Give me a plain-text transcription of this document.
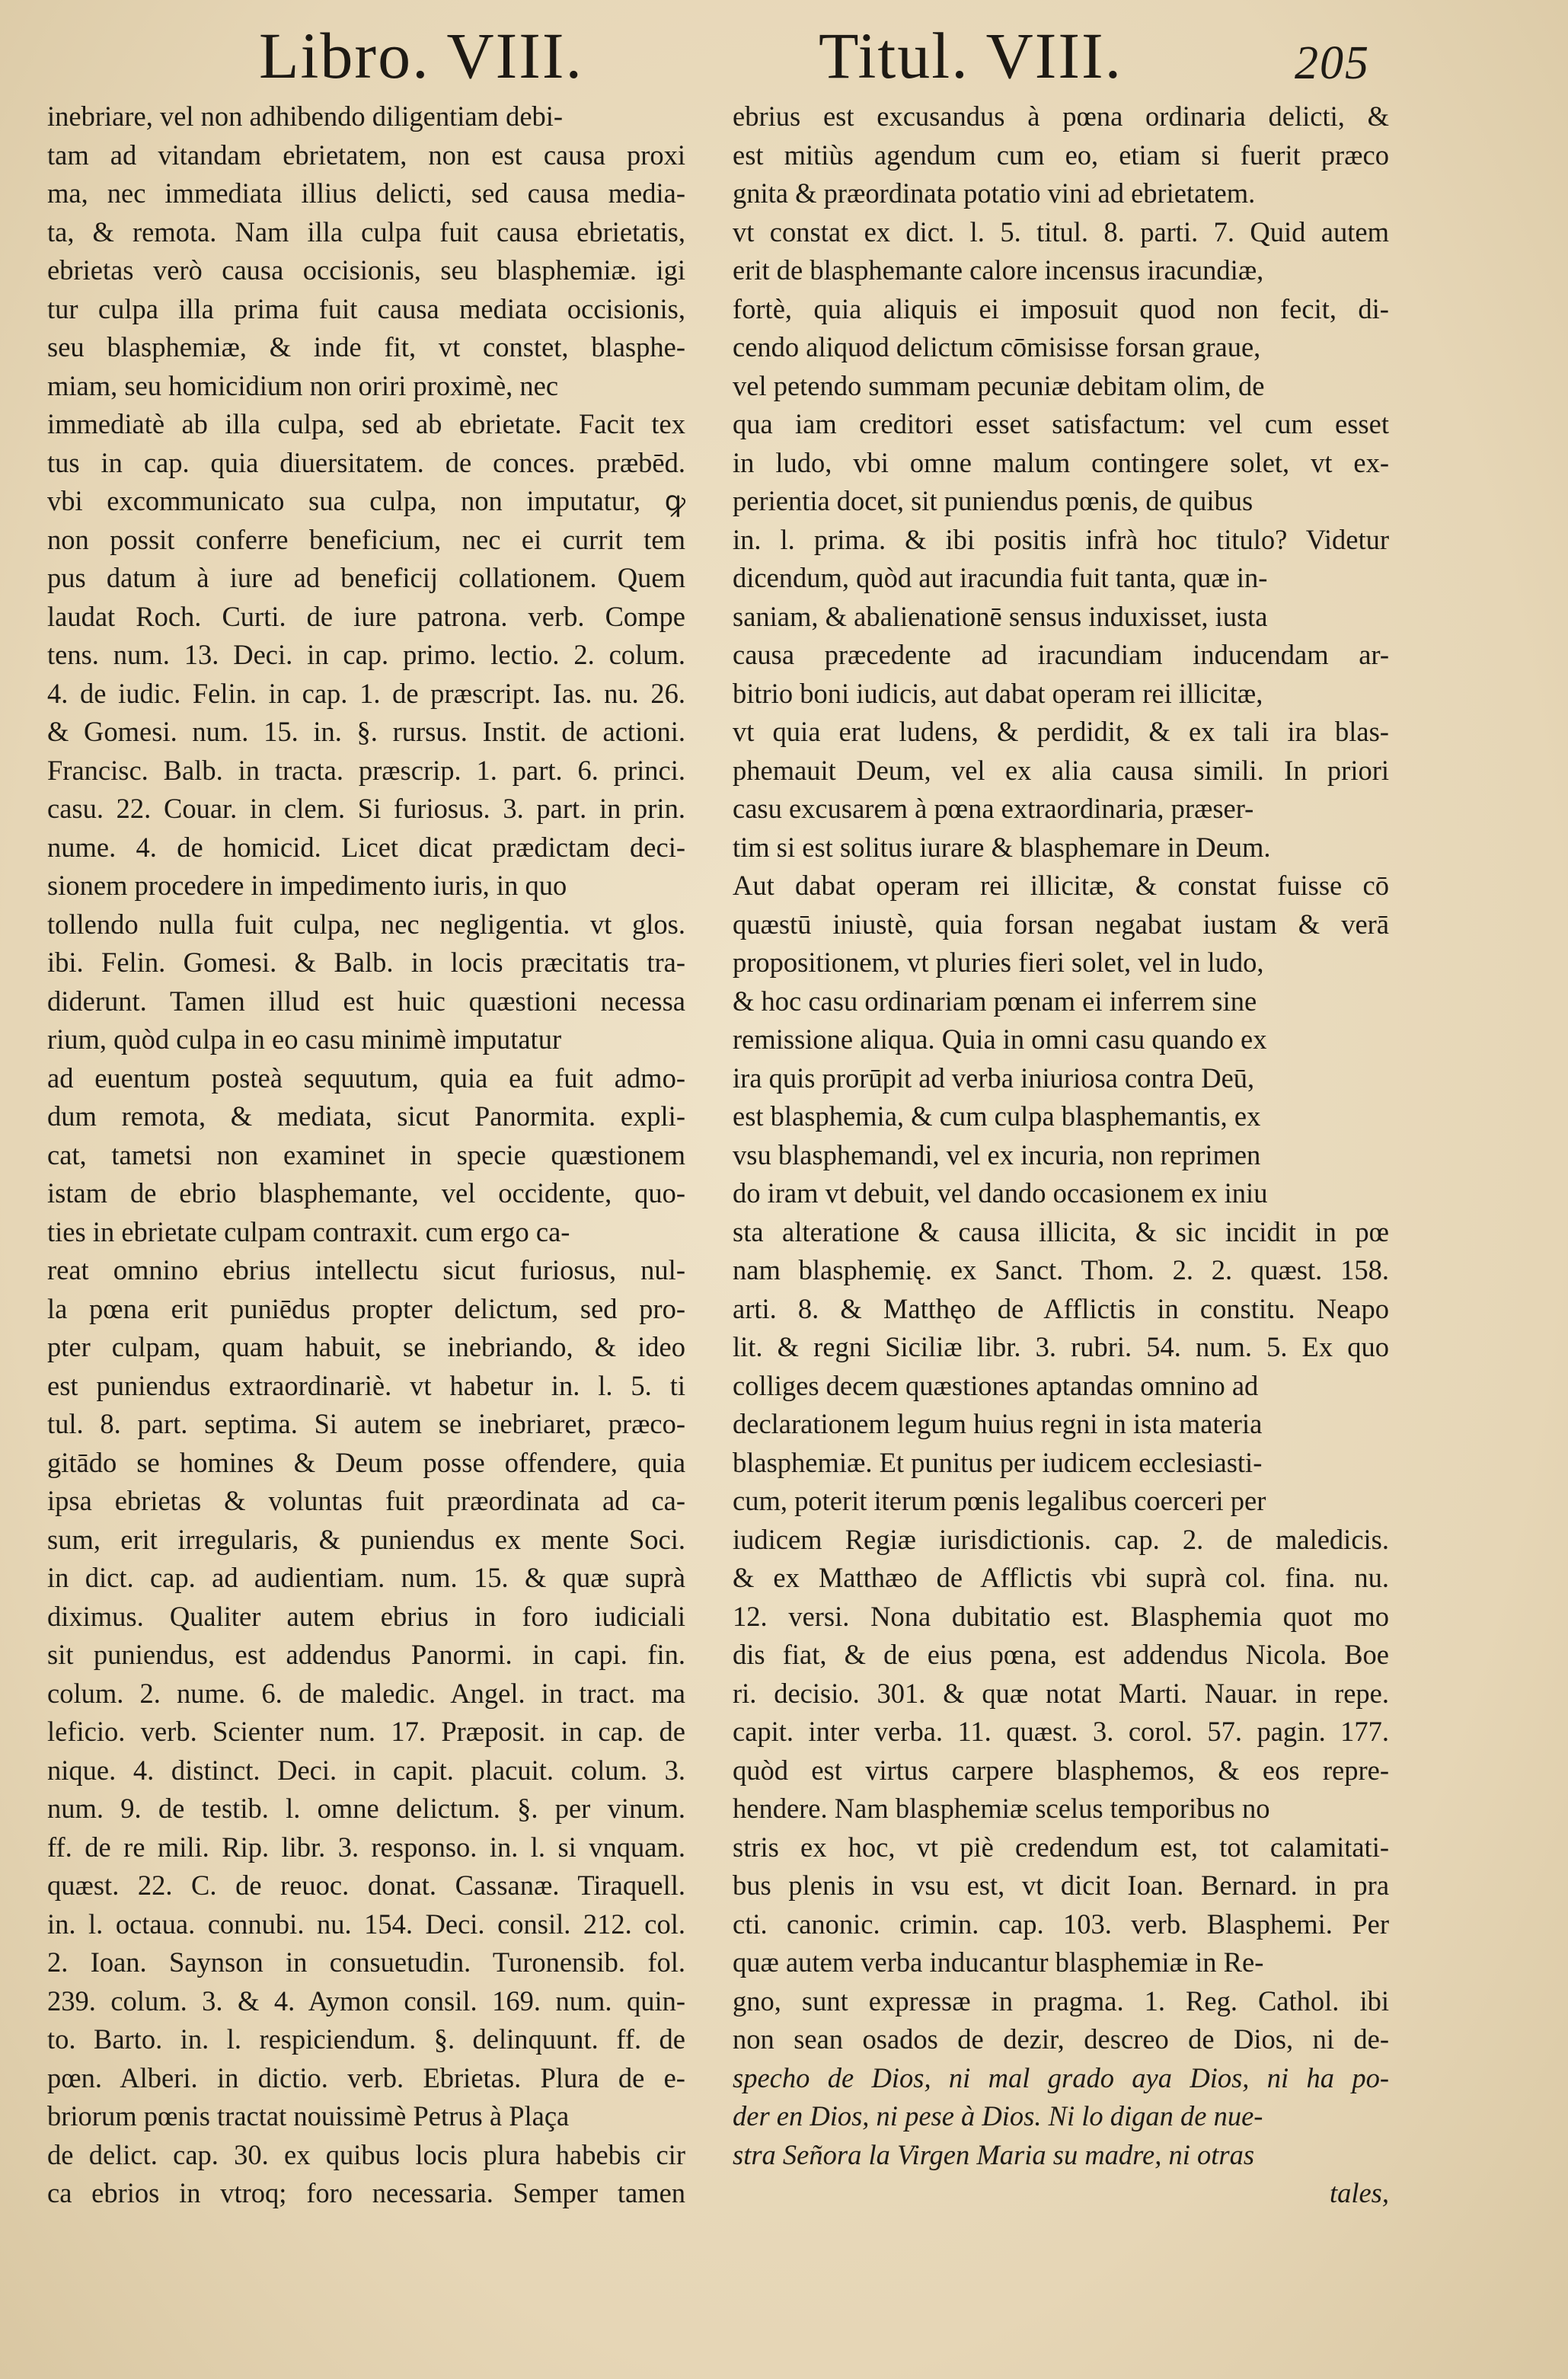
Libro. VIII.	Titul. VIII.	205
inebriare, vel non adhibendo diligentiam debi-
tam ad vitandam ebrietatem, non est causa proxi
ma, nec immediata illius delicti, sed causa media-
ta, & remota. Nam illa culpa fuit causa ebrietatis,
ebrietas verò causa occisionis, seu blasphemiæ. igi
tur culpa illa prima fuit causa mediata occisionis,
seu blasphemiæ, & inde fit, vt constet, blasphe-
miam, seu homicidium non oriri proximè, nec
immediatè ab illa culpa, sed ab ebrietate. Facit tex
tus in cap. quia diuersitatem. de conces. præbēd.
vbi excommunicato sua culpa, non imputatur, ꝙ
non possit conferre beneficium, nec ei currit tem
pus datum à iure ad beneficij collationem. Quem
laudat Roch. Curti. de iure patrona. verb. Compe
tens. num. 13. Deci. in cap. primo. lectio. 2. colum.
4. de iudic. Felin. in cap. 1. de præscript. Ias. nu. 26.
& Gomesi. num. 15. in. §. rursus. Instit. de actioni.
Francisc. Balb. in tracta. præscrip. 1. part. 6. princi.
casu. 22. Couar. in clem. Si furiosus. 3. part. in prin.
nume. 4. de homicid. Licet dicat prædictam deci-
sionem procedere in impedimento iuris, in quo
tollendo nulla fuit culpa, nec negligentia. vt glos.
ibi. Felin. Gomesi. & Balb. in locis præcitatis tra-
diderunt. Tamen illud est huic quæstioni necessa
rium, quòd culpa in eo casu minimè imputatur
ad euentum posteà sequutum, quia ea fuit admo-
dum remota, & mediata, sicut Panormita. expli-
cat, tametsi non examinet in specie quæstionem
istam de ebrio blasphemante, vel occidente, quo-
ties in ebrietate culpam contraxit. cum ergo ca-
reat omnino ebrius intellectu sicut furiosus, nul-
la pœna erit puniēdus propter delictum, sed pro-
pter culpam, quam habuit, se inebriando, & ideo
est puniendus extraordinariè. vt habetur in. l. 5. ti
tul. 8. part. septima. Si autem se inebriaret, præco-
gitādo se homines & Deum posse offendere, quia
ipsa ebrietas & voluntas fuit præordinata ad ca-
sum, erit irregularis, & puniendus ex mente Soci.
in dict. cap. ad audientiam. num. 15. & quæ suprà
diximus. Qualiter autem ebrius in foro iudiciali
sit puniendus, est addendus Panormi. in capi. fin.
colum. 2. nume. 6. de maledic. Angel. in tract. ma
leficio. verb. Scienter num. 17. Præposit. in cap. de
nique. 4. distinct. Deci. in capit. placuit. colum. 3.
num. 9. de testib. l. omne delictum. §. per vinum.
ff. de re mili. Rip. libr. 3. responso. in. l. si vnquam.
quæst. 22. C. de reuoc. donat. Cassanæ. Tiraquell.
in. l. octaua. connubi. nu. 154. Deci. consil. 212. col.
2. Ioan. Saynson in consuetudin. Turonensib. fol.
239. colum. 3. & 4. Aymon consil. 169. num. quin-
to. Barto. in. l. respiciendum. §. delinquunt. ff. de
pœn. Alberi. in dictio. verb. Ebrietas. Plura de e-
briorum pœnis tractat nouissimè Petrus à Plaça
de delict. cap. 30. ex quibus locis plura habebis cir
ca ebrios in vtroq; foro necessaria. Semper tamen
ebrius est excusandus à pœna ordinaria delicti, &
est mitiùs agendum cum eo, etiam si fuerit præco
gnita & præordinata potatio vini ad ebrietatem.
vt constat ex dict. l. 5. titul. 8. parti. 7. Quid autem
erit de blasphemante calore incensus iracundiæ,
fortè, quia aliquis ei imposuit quod non fecit, di-
cendo aliquod delictum cōmisisse forsan graue,
vel petendo summam pecuniæ debitam olim, de
qua iam creditori esset satisfactum: vel cum esset
in ludo, vbi omne malum contingere solet, vt ex-
perientia docet, sit puniendus pœnis, de quibus
in. l. prima. & ibi positis infrà hoc titulo? Videtur
dicendum, quòd aut iracundia fuit tanta, quæ in-
saniam, & abalienationē sensus induxisset, iusta
causa præcedente ad iracundiam inducendam ar-
bitrio boni iudicis, aut dabat operam rei illicitæ,
vt quia erat ludens, & perdidit, & ex tali ira blas-
phemauit Deum, vel ex alia causa simili. In priori
casu excusarem à pœna extraordinaria, præser-
tim si est solitus iurare & blasphemare in Deum.
Aut dabat operam rei illicitæ, & constat fuisse cō
quæstū iniustè, quia forsan negabat iustam & verā
propositionem, vt pluries fieri solet, vel in ludo,
& hoc casu ordinariam pœnam ei inferrem sine
remissione aliqua. Quia in omni casu quando ex
ira quis prorūpit ad verba iniuriosa contra Deū,
est blasphemia, & cum culpa blasphemantis, ex
vsu blasphemandi, vel ex incuria, non reprimen
do iram vt debuit, vel dando occasionem ex iniu
sta alteratione & causa illicita, & sic incidit in pœ
nam blasphemię. ex Sanct. Thom. 2. 2. quæst. 158.
arti. 8. & Matthęo de Afflictis in constitu. Neapo
lit. & regni Siciliæ libr. 3. rubri. 54. num. 5. Ex quo
colliges decem quæstiones aptandas omnino ad
declarationem legum huius regni in ista materia
blasphemiæ. Et punitus per iudicem ecclesiasti-
cum, poterit iterum pœnis legalibus coerceri per
iudicem Regiæ iurisdictionis. cap. 2. de maledicis.
& ex Matthæo de Afflictis vbi suprà col. fina. nu.
12. versi. Nona dubitatio est. Blasphemia quot mo
dis fiat, & de eius pœna, est addendus Nicola. Boe
ri. decisio. 301. & quæ notat Marti. Nauar. in repe.
capit. inter verba. 11. quæst. 3. corol. 57. pagin. 177.
quòd est virtus carpere blasphemos, & eos repre-
hendere. Nam blasphemiæ scelus temporibus no
stris ex hoc, vt piè credendum est, tot calamitati-
bus plenis in vsu est, vt dicit Ioan. Bernard. in pra
cti. canonic. crimin. cap. 103. verb. Blasphemi. Per
quæ autem verba inducantur blasphemiæ in Re-
gno, sunt expressæ in pragma. 1. Reg. Cathol. ibi
non sean osados de dezir, descreo de Dios, ni de-
specho de Dios, ni mal grado aya Dios, ni ha po-
der en Dios, ni pese à Dios. Ni lo digan de nue-
stra Señora la Virgen Maria su madre, ni otras
tales,
